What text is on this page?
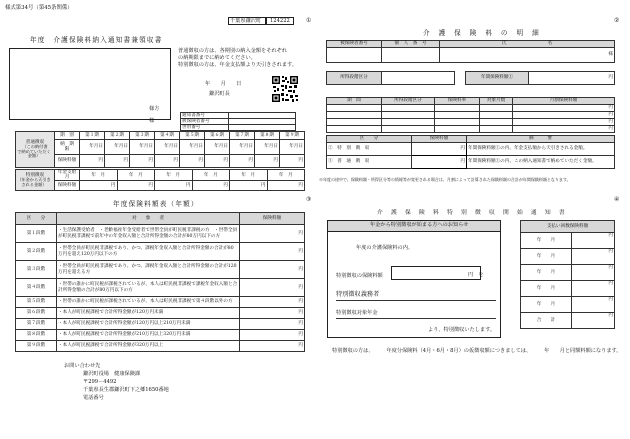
様式第34号（第45条関係）
千葉県鎌沢町 124222	①	②
年度　介護保険料納入通知書兼領収書
普通徴収の方は、各期別の納入金額をそれぞれ
の納期限までに納めてください。
特別徴収の方は、年金支払額より天引きされます。
年　　月　　日
鎌沢町長
様方
様
通知書番号	
被保険者番号	
世帯番号	
普通徴収
（この納付書
で納めていただく金額）	期　別	第１期	第２期	第３期	第４期	第５期	第６期	第７期	第８期	第９期
	納　期　限	年月日	年月日	年月日	年月日	年月日	年月日	年月日	年月日	年月日
	保険料額	円	円	円	円	円	円	円	円	円
特別徴収
（年金から天引きされる金額）	年金支給月	年　月	年　月	年　月	年　月	年　月	年　月
	保険料額	円	円	円	円	円	円
介　護　保　険　料　の　明　細
被保険者番号	個　人　番　号	氏　　　　　　　　　名
		様
所得段階区分			年間保険料額①	円
期　間	所得段階区分	保険料率	対象月数	月割保険料額
				円
				円
				円
				円
区　　分	保険料額	摘　　　要
②　特　別　徴　収	円	年間保険料額①の内、年金支払額から天引きされる金額。
③　普　通　徴　収	円	年間保険料額①の内、この納入通知書で納めていただく金額。
※年度の途中で、保険料額・所得区分等の情報等が変更される場合は、月割によって計算された保険料額の合計が年間保険料額となります。
③	④
年度保険料額表（年額）
区　　分	対　　象　　者	保険料額
第１段階	・生活保護受給者　・老齢福祉年金受給者で世帯全員が町民税非課税の方　・世帯全員が町民税非課税で前年中の年金収入額と合計所得金額の合計が80万円以下の方	円
第２段階	・世帯全員が町民税非課税であり、かつ、課税年金収入額と合計所得金額の合計が80万円を超え120万円以下の方	円
第３段階	・世帯全員が町民税非課税であり、かつ、課税年金収入額と合計所得金額の合計が120万円を超える方	円
第４段階	・世帯の誰かに町民税が課税されているが、本人は町民税非課税で課税年金収入額と合計所得金額の合計が80万円以下の方	円
第５段階	・世帯の誰かに町民税が課税されているが、本人は町民税非課税で第４段階以外の方	円
第６段階	・本人が町民税課税で合計所得金額が120万円未満	円
第７段階	・本人が町民税課税で合計所得金額が120万円以上210万円未満	円
第８段階	・本人が町民税課税で合計所得金額が210万円以上320万円未満	円
第９段階	・本人が町民税課税で合計所得金額が320万円以上	円
お問い合わせ先
鎌沢町役場　健康保険課
〒299－4492
千葉県長生郡鎌沢町下之郷1650番地
電話番号
介　護　保　険　料　特　別　徴　収　開　始　通　知　書
年金から特別徴収が始まる方へのお知らせ
年度の介護保険料の内、
特別徴収の保険料額	円　を
特別徴収義務者
特別徴収対象年金
より、特別徴収いたします。
支払い回数保険料額	
年　　月	円
年　　月	円
年　　月	円
年　　月	円
年　　月	円
合　　計	円
特別徴収の方は、　　　年度分保険料（4月・6月・8月）の仮徴収額につきましては、　　　年　　月と同額料額になります。
